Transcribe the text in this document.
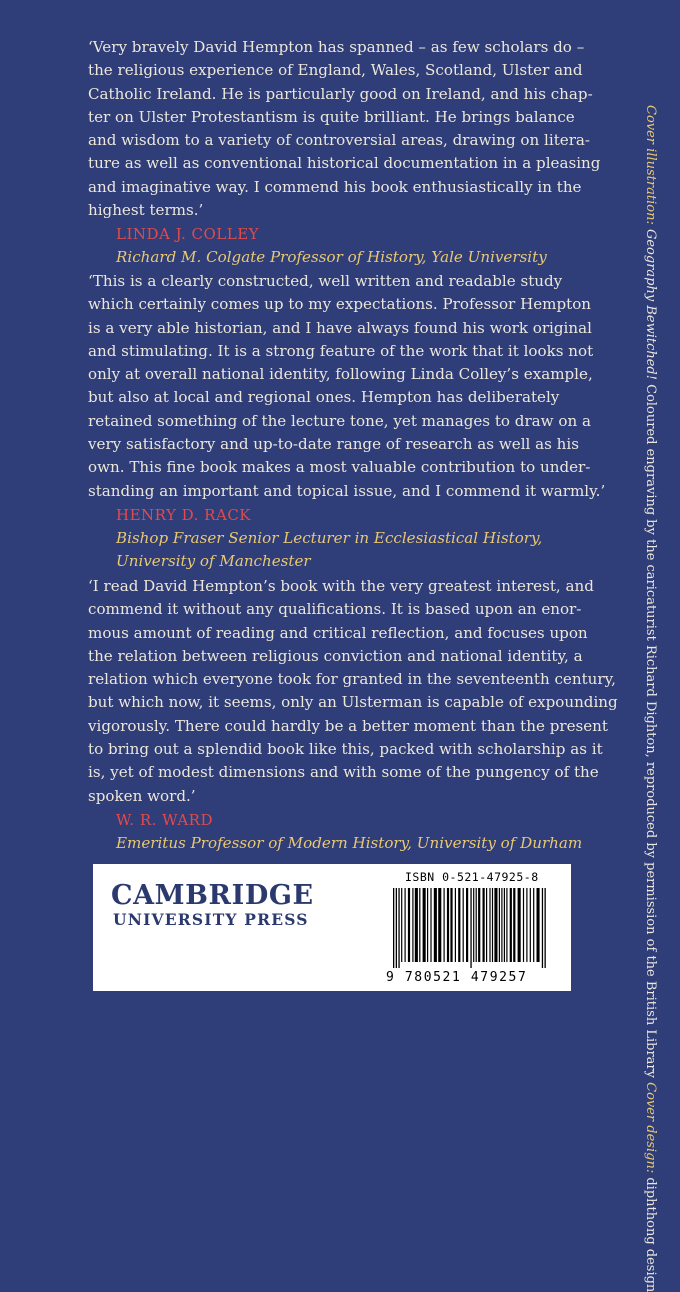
‘Very bravely David Hempton has spanned – as few scholars do –
the religious experience of England, Wales, Scotland, Ulster and
Catholic Ireland. He is particularly good on Ireland, and his chap-
ter on Ulster Protestantism is quite brilliant. He brings balance
and wisdom to a variety of controversial areas, drawing on litera-
ture as well as conventional historical documentation in a pleasing
and imaginative way. I commend his book enthusiastically in the
highest terms.’
LINDA J. COLLEY
Richard M. Colgate Professor of History, Yale University
‘This is a clearly constructed, well written and readable study
which certainly comes up to my expectations. Professor Hempton
is a very able historian, and I have always found his work original
and stimulating. It is a strong feature of the work that it looks not
only at overall national identity, following Linda Colley’s example,
but also at local and regional ones. Hempton has deliberately
retained something of the lecture tone, yet manages to draw on a
very satisfactory and up-to-date range of research as well as his
own. This fine book makes a most valuable contribution to under-
standing an important and topical issue, and I commend it warmly.’
HENRY D. RACK
Bishop Fraser Senior Lecturer in Ecclesiastical History,
University of Manchester
‘I read David Hempton’s book with the very greatest interest, and
commend it without any qualifications. It is based upon an enor-
mous amount of reading and critical reflection, and focuses upon
the relation between religious conviction and national identity, a
relation which everyone took for granted in the seventeenth century,
but which now, it seems, only an Ulsterman is capable of expounding
vigorously. There could hardly be a better moment than the present
to bring out a splendid book like this, packed with scholarship as it
is, yet of modest dimensions and with some of the pungency of the
spoken word.’
W. R. WARD
Emeritus Professor of Modern History, University of Durham
Cover illustration: Geography Bewitched! Coloured engraving by the caricaturist Richard Dighton, reproduced by permission of the British Library Cover design: diphthong design
CAMBRIDGE
UNIVERSITY PRESS
ISBN 0-521-47925-8
9 780521 479257
